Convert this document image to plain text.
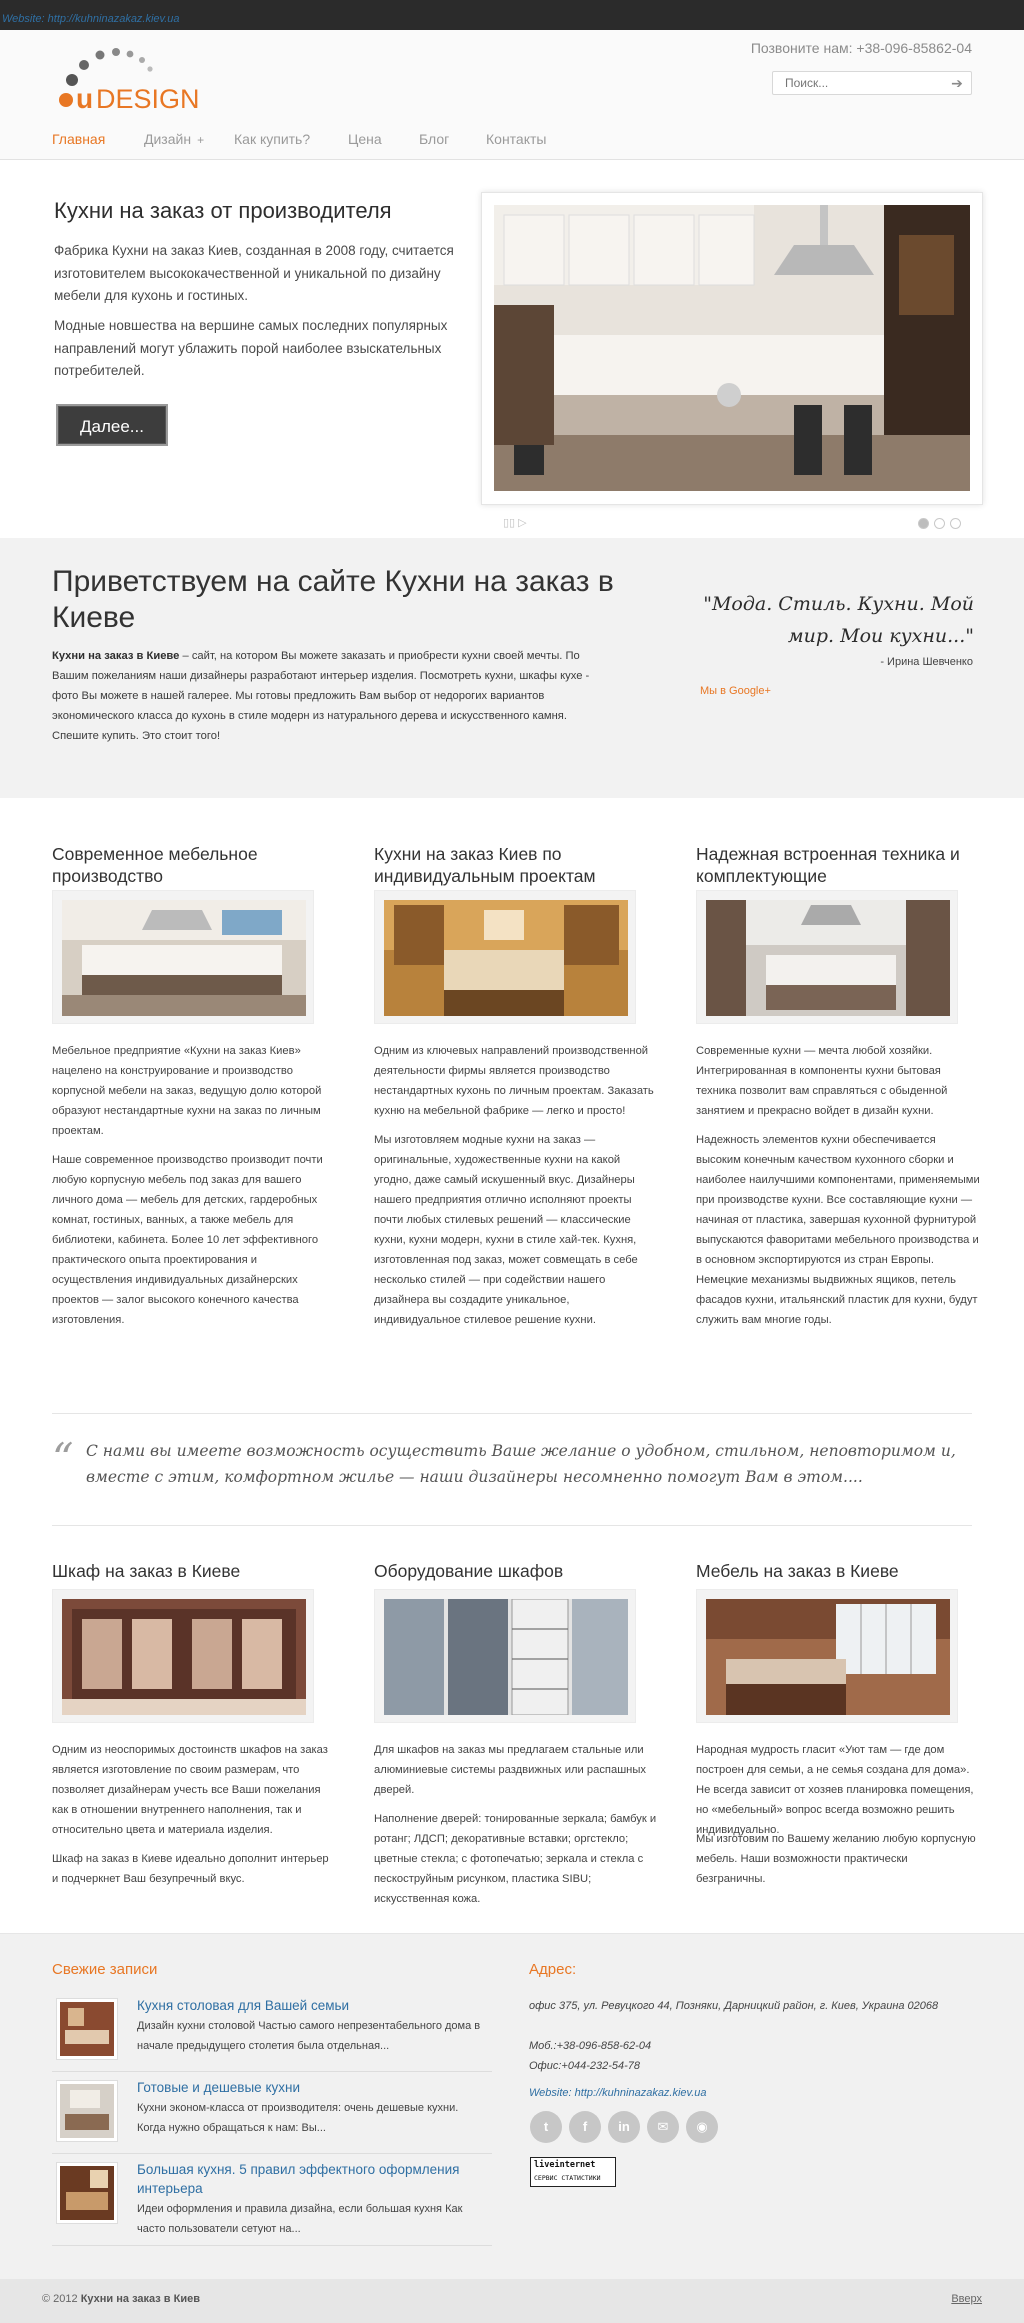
Website: http://kuhninazakaz.kiev.ua
u DESIGN
Позвоните нам: +38-096-85862-04
Поиск...
➔
Главная	Дизайн + Как купить?	Цена	Блог	Контакты
Кухни на заказ от производителя
Фабрика Кухни на заказ Киев, созданная в 2008 году, считается изготовителем высококачественной и уникальной по дизайну мебели для кухонь и гостиных.
Модные новшества на вершине самых последних популярных направлений могут ублажить порой наиболее взыскательных потребителей.
Далее...
▯▯ ▷
Приветствуем на сайте Кухни на заказ в Киеве
Кухни на заказ в Киеве – сайт, на котором Вы можете заказать и приобрести кухни своей мечты. По Вашим пожеланиям наши дизайнеры разработают интерьер изделия. Посмотреть кухни, шкафы кухе - фото Вы можете в нашей галерее. Мы готовы предложить Вам выбор от недорогих вариантов экономического класса до кухонь в стиле модерн из натурального дерева и искусственного камня. Спешите купить. Это стоит того!
"Мода. Стиль. Кухни. Мой мир. Мои кухни..."
- Ирина Шевченко
Мы в Google+
Современное мебельное производство

Мебельное предприятие «Кухни на заказ Киев» нацелено на конструирование и производство корпусной мебели на заказ, ведущую долю которой образуют нестандартные кухни на заказ по личным проектам.

Наше современное производство производит почти любую корпусную мебель под заказ для вашего личного дома — мебель для детских, гардеробных комнат, гостиных, ванных, а также мебель для библиотеки, кабинета. Более 10 лет эффективного практического опыта проектирования и осуществления индивидуальных дизайнерских проектов — залог высокого конечного качества изготовления.

Кухни на заказ Киев по индивидуальным проектам

Одним из ключевых направлений производственной деятельности фирмы является производство нестандартных кухонь по личным проектам. Заказать кухню на мебельной фабрике — легко и просто!

Мы изготовляем модные кухни на заказ — оригинальные, художественные кухни на какой угодно, даже самый искушенный вкус. Дизайнеры нашего предприятия отлично исполняют проекты почти любых стилевых решений — классические кухни, кухни модерн, кухни в стиле хай-тек. Кухня, изготовленная под заказ, может совмещать в себе несколько стилей — при содействии нашего дизайнера вы создадите уникальное, индивидуальное стилевое решение кухни.

Надежная встроенная техника и комплектующие

Современные кухни — мечта любой хозяйки. Интегрированная в компоненты кухни бытовая техника позволит вам справляться с обыденной занятием и прекрасно войдет в дизайн кухни.

Надежность элементов кухни обеспечивается высоким конечным качеством кухонного сборки и наиболее наилучшими компонентами, применяемыми при производстве кухни. Все составляющие кухни — начиная от пластика, завершая кухонной фурнитурой выпускаются фаворитами мебельного производства и в основном экспортируются из стран Европы. Немецкие механизмы выдвижных ящиков, петель фасадов кухни, итальянский пластик для кухни, будут служить вам многие годы.

“ С нами вы имеете возможность осуществить Ваше желание о удобном, стильном, неповторимом и, вместе с этим, комфортном жилье — наши дизайнеры несомненно помогут Вам в этом....
Шкаф на заказ в Киеве

Одним из неоспоримых достоинств шкафов на заказ является изготовление по своим размерам, что позволяет дизайнерам учесть все Ваши пожелания как в отношении внутреннего наполнения, так и относительно цвета и материала изделия.

Шкаф на заказ в Киеве идеально дополнит интерьер и подчеркнет Ваш безупречный вкус.

Оборудование шкафов

Для шкафов на заказ мы предлагаем стальные или алюминиевые системы раздвижных или распашных дверей.

Наполнение дверей: тонированные зеркала; бамбук и ротанг; ЛДСП; декоративные вставки; оргстекло; цветные стекла; с фотопечатью; зеркала и стекла с пескоструйным рисунком, пластика SIBU; искусственная кожа.

Мебель на заказ в Киеве

Народная мудрость гласит «Уют там — где дом построен для семьи, а не семья создана для дома». Не всегда зависит от хозяев планировка помещения, но «мебельный» вопрос всегда возможно решить индивидуально.

Мы изготовим по Вашему желанию любую корпусную мебель. Наши возможности практически безграничны.

Свежие записи
Кухня столовая для Вашей семьи
Дизайн кухни столовой Частью самого непрезентабельного дома в начале предыдущего столетия была отдельная...
Готовые и дешевые кухни
Кухни эконом-класса от производителя: очень дешевые кухни. Когда нужно обращаться к нам: Вы...
Большая кухня. 5 правил эффектного оформления интерьера
Идеи оформления и правила дизайна, если большая кухня Как часто пользователи сетуют на...
Адрес:
офис 375, ул. Ревуцкого 44, Позняки, Дарницкий район, г. Киев, Украина 02068
Моб.:+38-096-858-62-04
Офис:+044-232-54-78
Website: http://kuhninazakaz.kiev.ua
t	f in ✉ ◉
liveinternet
СЕРВИС СТАТИСТИКИ
© 2012 Кухни на заказ в Киев	Вверх
